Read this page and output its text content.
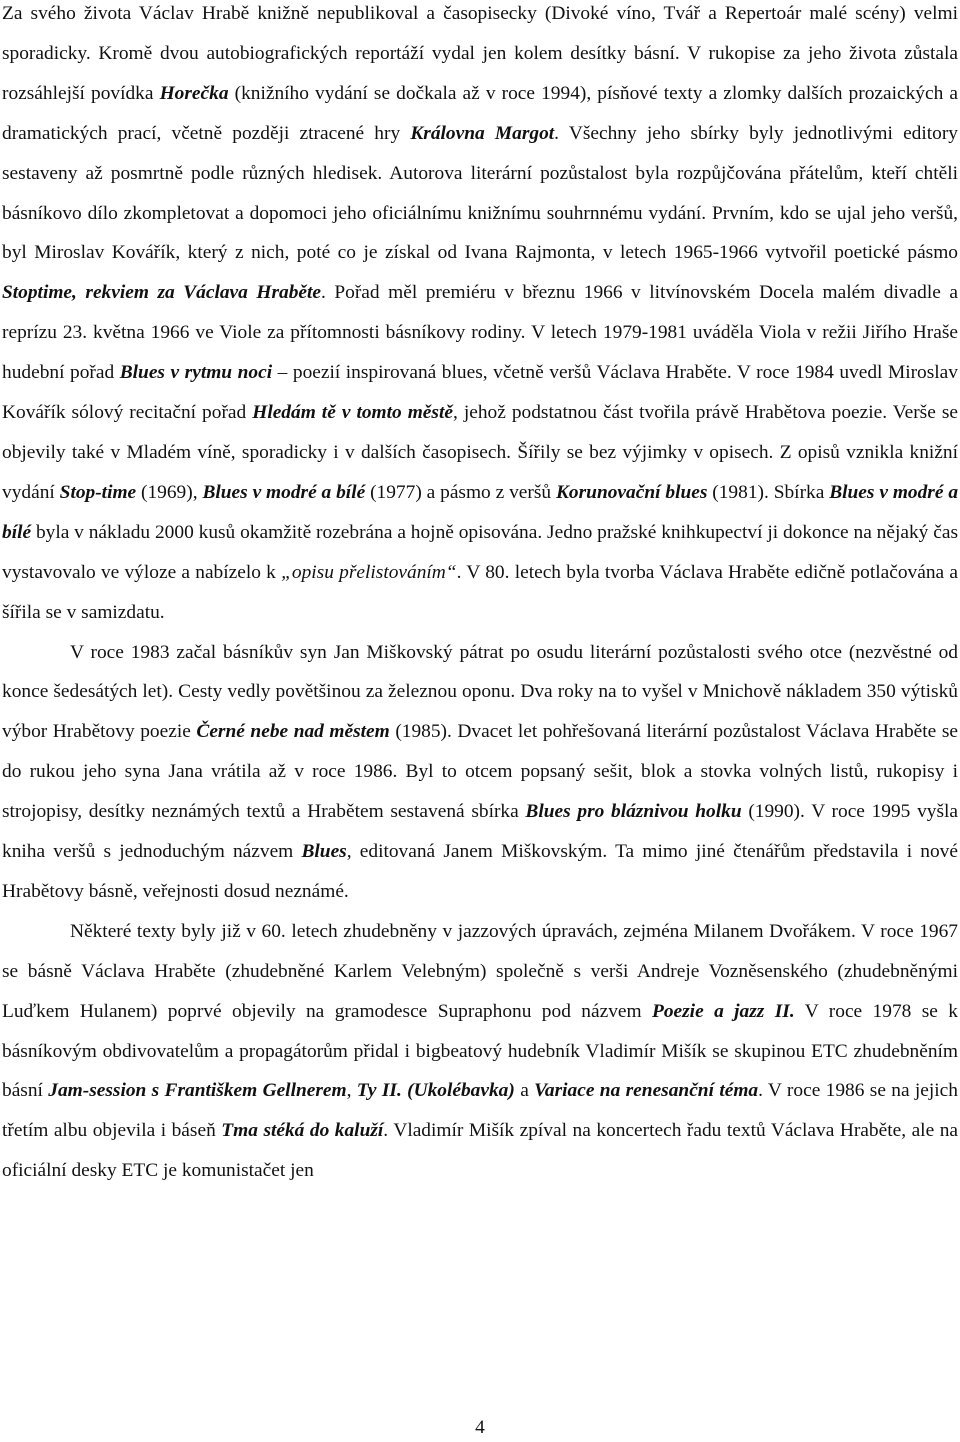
Za svého života Václav Hrabě knižně nepublikoval a časopisecky (Divoké víno, Tvář a Repertoár malé scény) velmi sporadicky. Kromě dvou autobiografických reportáží vydal jen kolem desítky básní. V rukopise za jeho života zůstala rozsáhlejší povídka Horečka (knižního vydání se dočkala až v roce 1994), písňové texty a zlomky dalších prozaických a dramatických prací, včetně později ztracené hry Královna Margot. Všechny jeho sbírky byly jednotlivými editory sestaveny až posmrtně podle různých hledisek. Autorova literární pozůstalost byla rozpůjčována přátelům, kteří chtěli básníkovo dílo zkompletovat a dopomoci jeho oficiálnímu knižnímu souhrnnému vydání. Prvním, kdo se ujal jeho veršů, byl Miroslav Kovářík, který z nich, poté co je získal od Ivana Rajmonta, v letech 1965-1966 vytvořil poetické pásmo Stoptime, rekviem za Václava Hraběte. Pořad měl premiéru v březnu 1966 v litvínovském Docela malém divadle a reprízu 23. května 1966 ve Viole za přítomnosti básníkovy rodiny. V letech 1979-1981 uváděla Viola v režii Jiřího Hraše hudební pořad Blues v rytmu noci – poezií inspirovaná blues, včetně veršů Václava Hraběte. V roce 1984 uvedl Miroslav Kovářík sólový recitační pořad Hledám tě v tomto městě, jehož podstatnou část tvořila právě Hrabětova poezie. Verše se objevily také v Mladém víně, sporadicky i v dalších časopisech. Šířily se bez výjimky v opisech. Z opisů vznikla knižní vydání Stop-time (1969), Blues v modré a bílé (1977) a pásmo z veršů Korunovační blues (1981). Sbírka Blues v modré a bílé byla v nákladu 2000 kusů okamžitě rozebrána a hojně opisována. Jedno pražské knihkupectví ji dokonce na nějaký čas vystavovalo ve výloze a nabízelo k „opisu přelistováním“. V 80. letech byla tvorba Václava Hraběte edičně potlačována a šířila se v samizdatu.

V roce 1983 začal básníkův syn Jan Miškovský pátrat po osudu literární pozůstalosti svého otce (nezvěstné od konce šedesátých let). Cesty vedly povětšinou za železnou oponu. Dva roky na to vyšel v Mnichově nákladem 350 výtisků výbor Hrabětovy poezie Černé nebe nad městem (1985). Dvacet let pohřešovaná literární pozůstalost Václava Hraběte se do rukou jeho syna Jana vrátila až v roce 1986. Byl to otcem popsaný sešit, blok a stovka volných listů, rukopisy i strojopisy, desítky neznámých textů a Hrabětem sestavená sbírka Blues pro bláznivou holku (1990). V roce 1995 vyšla kniha veršů s jednoduchým názvem Blues, editovaná Janem Miškovským. Ta mimo jiné čtenářům představila i nové Hrabětovy básně, veřejnosti dosud neznámé.

Některé texty byly již v 60. letech zhudebněny v jazzových úpravách, zejména Milanem Dvořákem. V roce 1967 se básně Václava Hraběte (zhudebněné Karlem Velebným) společně s verši Andreje Vozněsenského (zhudebněnými Luďkem Hulanem) poprvé objevily na gramodesce Supraphonu pod názvem Poezie a jazz II. V roce 1978 se k básníkovým obdivovatelům a propagátorům přidal i bigbeatový hudebník Vladimír Mišík se skupinou ETC zhudebněním básní Jam-session s Františkem Gellnerem, Ty II. (Ukolébavka) a Variace na renesanční téma. V roce 1986 se na jejich třetím albu objevila i báseň Tma stéká do kaluží. Vladimír Mišík zpíval na koncertech řadu textů Václava Hraběte, ale na oficiální desky ETC je komunistačet jen

4
